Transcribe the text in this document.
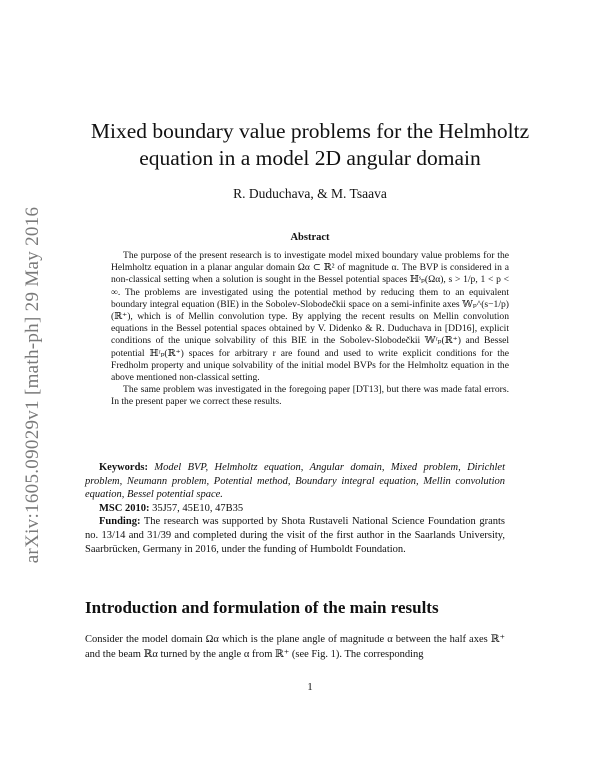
arXiv:1605.09029v1 [math-ph] 29 May 2016
Mixed boundary value problems for the Helmholtz
equation in a model 2D angular domain
R. Duduchava, & M. Tsaava
Abstract

The purpose of the present research is to investigate model mixed boundary value problems for the Helmholtz equation in a planar angular domain Ωα ⊂ ℝ² of magnitude α. The BVP is considered in a non-classical setting when a solution is sought in the Bessel potential spaces ℍˢₚ(Ωα), s > 1/p, 1 < p < ∞. The problems are investigated using the potential method by reducing them to an equivalent boundary integral equation (BIE) in the Sobolev-Slobodečkii space on a semi-infinite axes 𝕎ₚ^(s−1/p)(ℝ⁺), which is of Mellin convolution type. By applying the recent results on Mellin convolution equations in the Bessel potential spaces obtained by V. Didenko & R. Duduchava in [DD16], explicit conditions of the unique solvability of this BIE in the Sobolev-Slobodečkii 𝕎ʳₚ(ℝ⁺) and Bessel potential ℍʳₚ(ℝ⁺) spaces for arbitrary r are found and used to write explicit conditions for the Fredholm property and unique solvability of the initial model BVPs for the Helmholtz equation in the above mentioned non-classical setting.

The same problem was investigated in the foregoing paper [DT13], but there was made fatal errors. In the present paper we correct these results.

Keywords: Model BVP, Helmholtz equation, Angular domain, Mixed problem, Dirichlet problem, Neumann problem, Potential method, Boundary integral equation, Mellin convolution equation, Bessel potential space.

MSC 2010: 35J57, 45E10, 47B35

Funding: The research was supported by Shota Rustaveli National Science Foundation grants no. 13/14 and 31/39 and completed during the visit of the first author in the Saarlands University, Saarbrücken, Germany in 2016, under the funding of Humboldt Foundation.

Introduction and formulation of the main results
Consider the model domain Ωα which is the plane angle of magnitude α between the half axes ℝ⁺ and the beam ℝα turned by the angle α from ℝ⁺ (see Fig. 1). The corresponding
1
